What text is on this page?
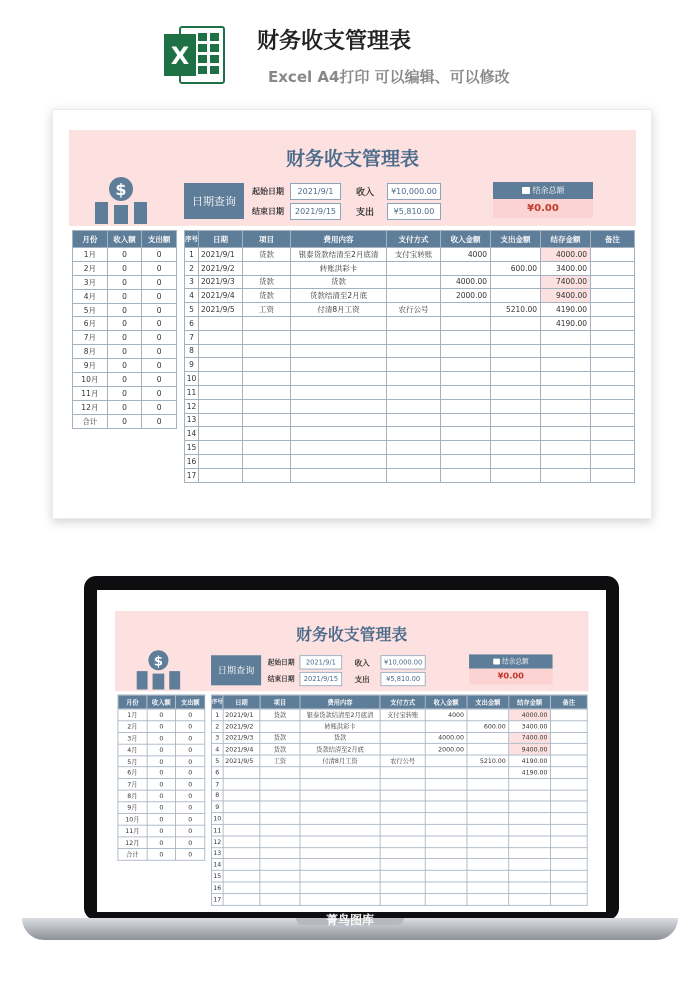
X
财务收支管理表
Excel A4打印 可以编辑、可以修改
财务收支管理表
$
日期查询
起始日期	2021/9/1
结束日期	2021/9/15
收入	¥10,000.00
支出	¥5,810.00
结余总额
¥0.00
月份	收入额	支出额
1月	0	0
2月	0	0
3月	0	0
4月	0	0
5月	0	0
6月	0	0
7月	0	0
8月	0	0
9月	0	0
10月	0	0
11月	0	0
12月	0	0
合计	0	0
序号	日期	项目	费用内容	支付方式	收入金额	支出金额	结存金额	备注
1	2021/9/1	货款	银泰货款结清至2月底清	支付宝转账	4000		4000.00	
2	2021/9/2		转账洪彩卡			600.00	3400.00	
3	2021/9/3	货款	货款		4000.00		7400.00	
4	2021/9/4	货款	货款结清至2月底		2000.00		9400.00	
5	2021/9/5	工资	付清8月工资	农行公号		5210.00	4190.00	
6							4190.00	
7								
8								
9								
10								
11								
12								
13								
14								
15								
16								
17								
财务收支管理表
$
日期查询
起始日期	2021/9/1
结束日期	2021/9/15
收入	¥10,000.00
支出	¥5,810.00
结余总额
¥0.00
月份	收入额	支出额
1月	0	0
2月	0	0
3月	0	0
4月	0	0
5月	0	0
6月	0	0
7月	0	0
8月	0	0
9月	0	0
10月	0	0
11月	0	0
12月	0	0
合计	0	0
序号	日期	项目	费用内容	支付方式	收入金额	支出金额	结存金额	备注
1	2021/9/1	货款	银泰货款结清至2月底清	支付宝转账	4000		4000.00	
2	2021/9/2		转账洪彩卡			600.00	3400.00	
3	2021/9/3	货款	货款		4000.00		7400.00	
4	2021/9/4	货款	货款结清至2月底		2000.00		9400.00	
5	2021/9/5	工资	付清8月工资	农行公号		5210.00	4190.00	
6							4190.00	
7								
8								
9								
10								
11								
12								
13								
14								
15								
16								
17								
菁鸟图库
